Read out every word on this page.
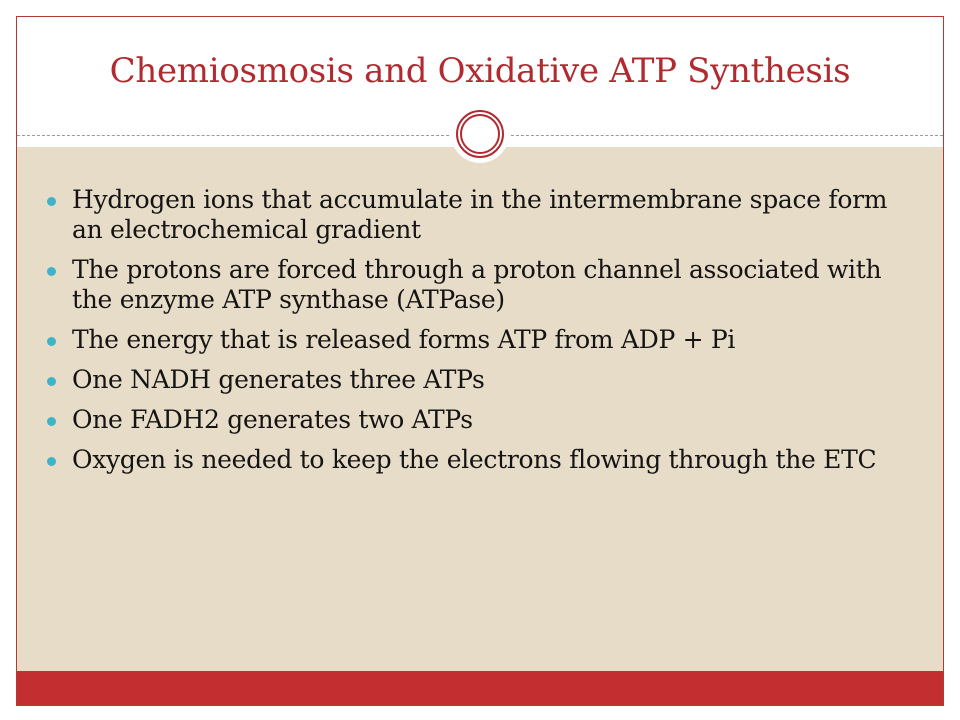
Chemiosmosis and Oxidative ATP Synthesis
Hydrogen ions that accumulate in the intermembrane space form an electrochemical gradient
The protons are forced through a proton channel associated with the enzyme ATP synthase (ATPase)
The energy that is released forms ATP from ADP + Pi
One NADH generates three ATPs
One FADH2 generates two ATPs
Oxygen is needed to keep the electrons flowing through the ETC
